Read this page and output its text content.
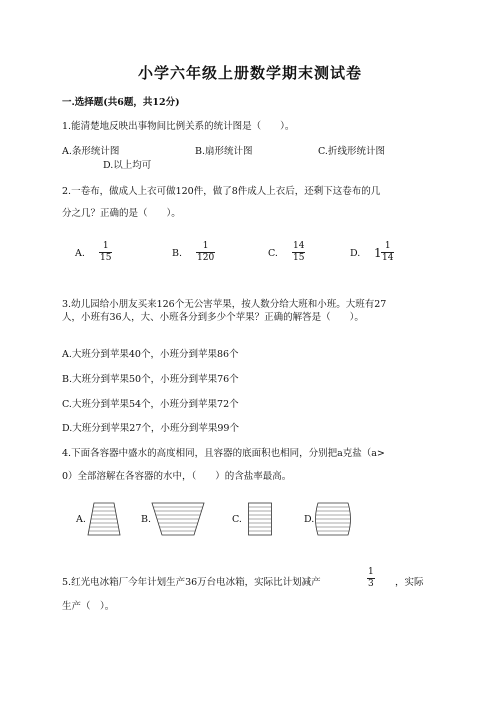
小学六年级上册数学期末测试卷
一.选择题(共6题，共12分)
1.能清楚地反映出事物间比例关系的统计图是（　　）。
A.条形统计图	B.扇形统计图	C.折线形统计图
D.以上均可
2.一卷布，做成人上衣可做120件，做了8件成人上衣后，还剩下这卷布的几
分之几？正确的是（　　）。
A.
1
15	B.
1
120	C.
14
15	D. 1 1
14
3.幼儿园给小朋友买来126个无公害苹果，按人数分给大班和小班。大班有27
人，小班有36人，大、小班各分到多少个苹果？正确的解答是（　　）。
A.大班分到苹果40个，小班分到苹果86个
B.大班分到苹果50个，小班分到苹果76个
C.大班分到苹果54个，小班分到苹果72个
D.大班分到苹果27个，小班分到苹果99个
4.下面各容器中盛水的高度相同，且容器的底面积也相同，分别把a克盐（a>
0）全部溶解在各容器的水中，（　　）的含盐率最高。
A.	B.	C.	D.
5.红光电冰箱厂今年计划生产36万台电冰箱，实际比计划减产
1
3 ，实际
生产（　）。
